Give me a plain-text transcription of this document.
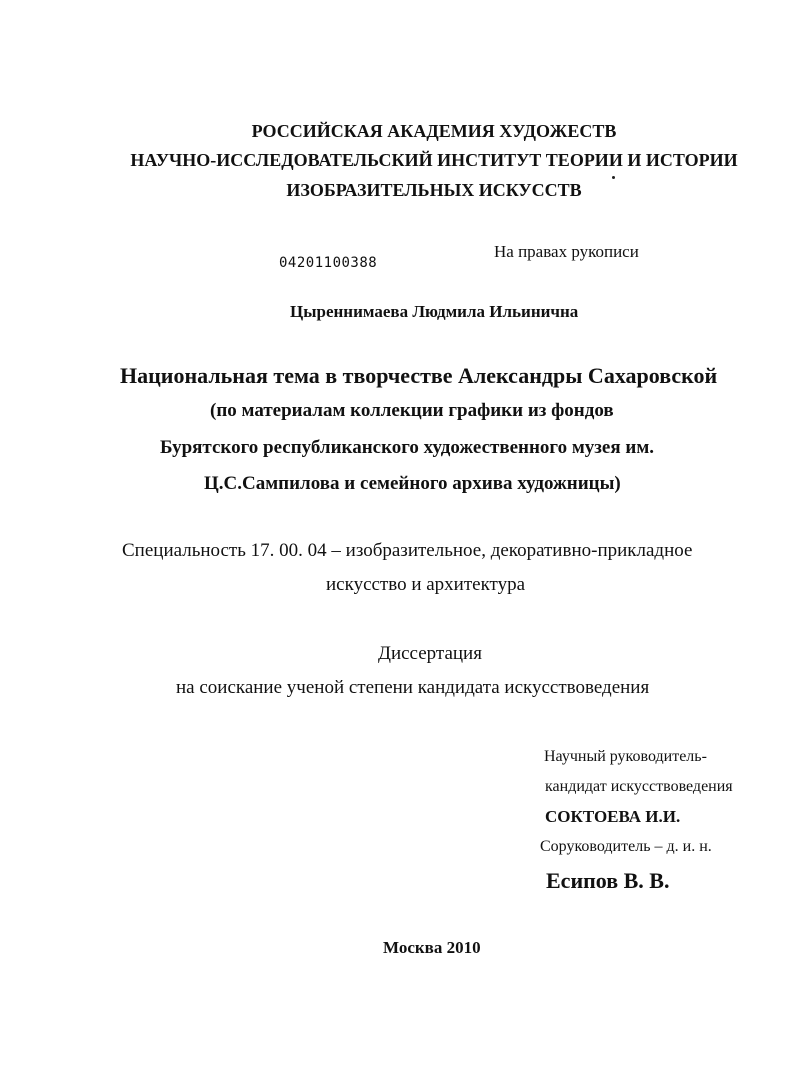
РОССИЙСКАЯ АКАДЕМИЯ ХУДОЖЕСТВ
НАУЧНО-ИССЛЕДОВАТЕЛЬСКИЙ ИНСТИТУТ ТЕОРИИ И ИСТОРИИ
ИЗОБРАЗИТЕЛЬНЫХ ИСКУССТВ
04201100388
На правах рукописи
Цыреннимаева Людмила Ильинична
Национальная тема в творчестве Александры Сахаровской
(по материалам коллекции графики из фондов
Бурятского республиканского художественного музея им.
Ц.С.Сампилова и семейного архива художницы)
Специальность 17. 00. 04 – изобразительное, декоративно-прикладное
искусство и архитектура
Диссертация
на соискание ученой степени кандидата искусствоведения
Научный руководитель-
кандидат искусствоведения
СОКТОЕВА И.И.
Соруководитель – д. и. н.
Есипов В. В.
Москва 2010
